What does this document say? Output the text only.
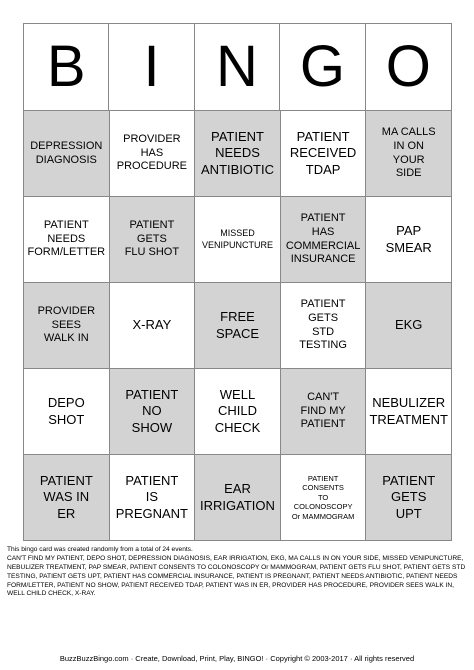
B	I N G O
DEPRESSION
DIAGNOSIS
PROVIDER
HAS
PROCEDURE
PATIENT
NEEDS
ANTIBIOTIC
PATIENT
RECEIVED
TDAP
MA CALLS
IN ON
YOUR
SIDE
PATIENT
NEEDS
FORM/LETTER
PATIENT
GETS
FLU SHOT
MISSED
VENIPUNCTURE
PATIENT
HAS
COMMERCIAL
INSURANCE
PAP
SMEAR
PROVIDER
SEES
WALK IN
X-RAY
FREE
SPACE
PATIENT
GETS
STD
TESTING
EKG
DEPO
SHOT
PATIENT
NO
SHOW
WELL
CHILD
CHECK
CAN'T
FIND MY
PATIENT
NEBULIZER
TREATMENT
PATIENT
WAS IN
ER
PATIENT
IS
PREGNANT
EAR
IRRIGATION
PATIENT
CONSENTS
TO
COLONOSCOPY
Or MAMMOGRAM
PATIENT
GETS
UPT
This bingo card was created randomly from a total of 24 events.
CAN'T FIND MY PATIENT, DEPO SHOT, DEPRESSION DIAGNOSIS, EAR IRRIGATION, EKG, MA CALLS IN ON YOUR SIDE, MISSED VENIPUNCTURE, NEBULIZER TREATMENT, PAP SMEAR, PATIENT CONSENTS TO COLONOSCOPY Or MAMMOGRAM, PATIENT GETS FLU SHOT, PATIENT GETS STD TESTING, PATIENT GETS UPT, PATIENT HAS COMMERCIAL INSURANCE, PATIENT IS PREGNANT, PATIENT NEEDS ANTIBIOTIC, PATIENT NEEDS FORM/LETTER, PATIENT NO SHOW, PATIENT RECEIVED TDAP, PATIENT WAS IN ER, PROVIDER HAS PROCEDURE, PROVIDER SEES WALK IN, WELL CHILD CHECK, X-RAY.
BuzzBuzzBingo.com · Create, Download, Print, Play, BINGO! · Copyright © 2003-2017 · All rights reserved
